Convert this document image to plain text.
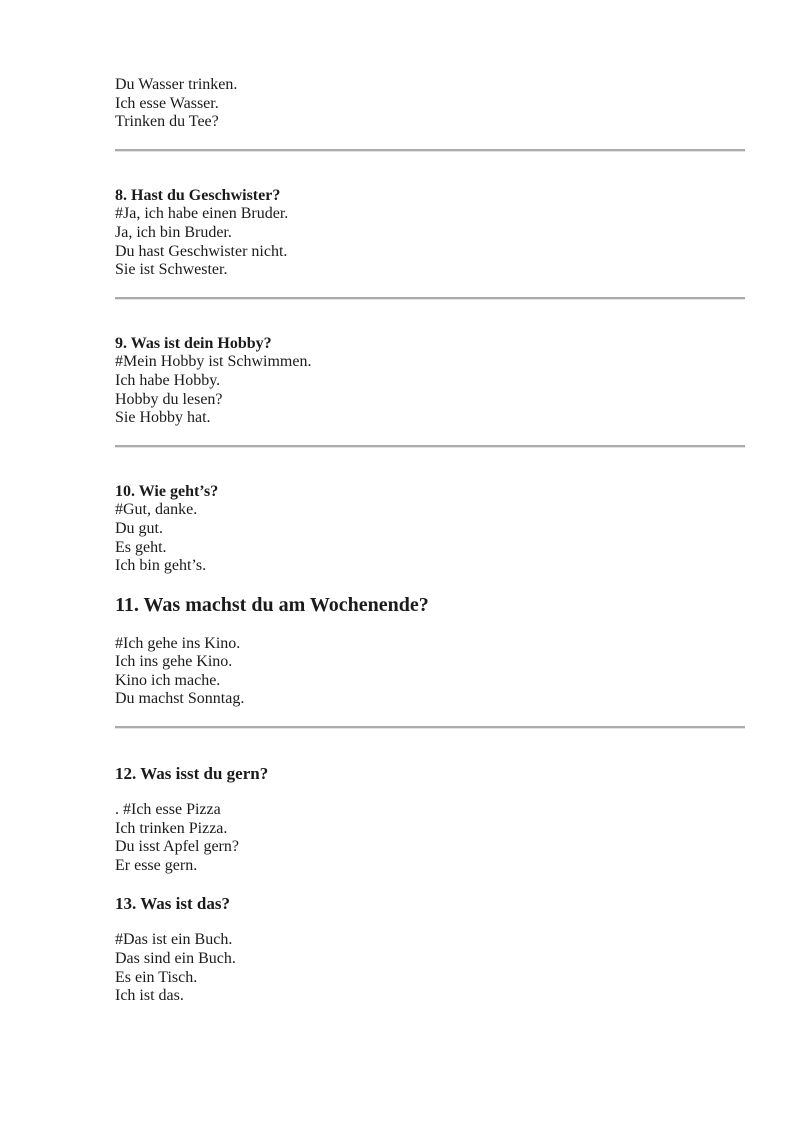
Du Wasser trinken.

Ich esse Wasser.

Trinken du Tee?

8. Hast du Geschwister?

#Ja, ich habe einen Bruder.

Ja, ich bin Bruder.

Du hast Geschwister nicht.

Sie ist Schwester.

9. Was ist dein Hobby?

#Mein Hobby ist Schwimmen.

Ich habe Hobby.

Hobby du lesen?

Sie Hobby hat.

10. Wie geht’s?

#Gut, danke.

Du gut.

Es geht.

Ich bin geht’s.

11. Was machst du am Wochenende?

#Ich gehe ins Kino.

Ich ins gehe Kino.

Kino ich mache.

Du machst Sonntag.

12. Was isst du gern?

. #Ich esse Pizza

Ich trinken Pizza.

Du isst Apfel gern?

Er esse gern.

13. Was ist das?

#Das ist ein Buch.

Das sind ein Buch.

Es ein Tisch.

Ich ist das.
